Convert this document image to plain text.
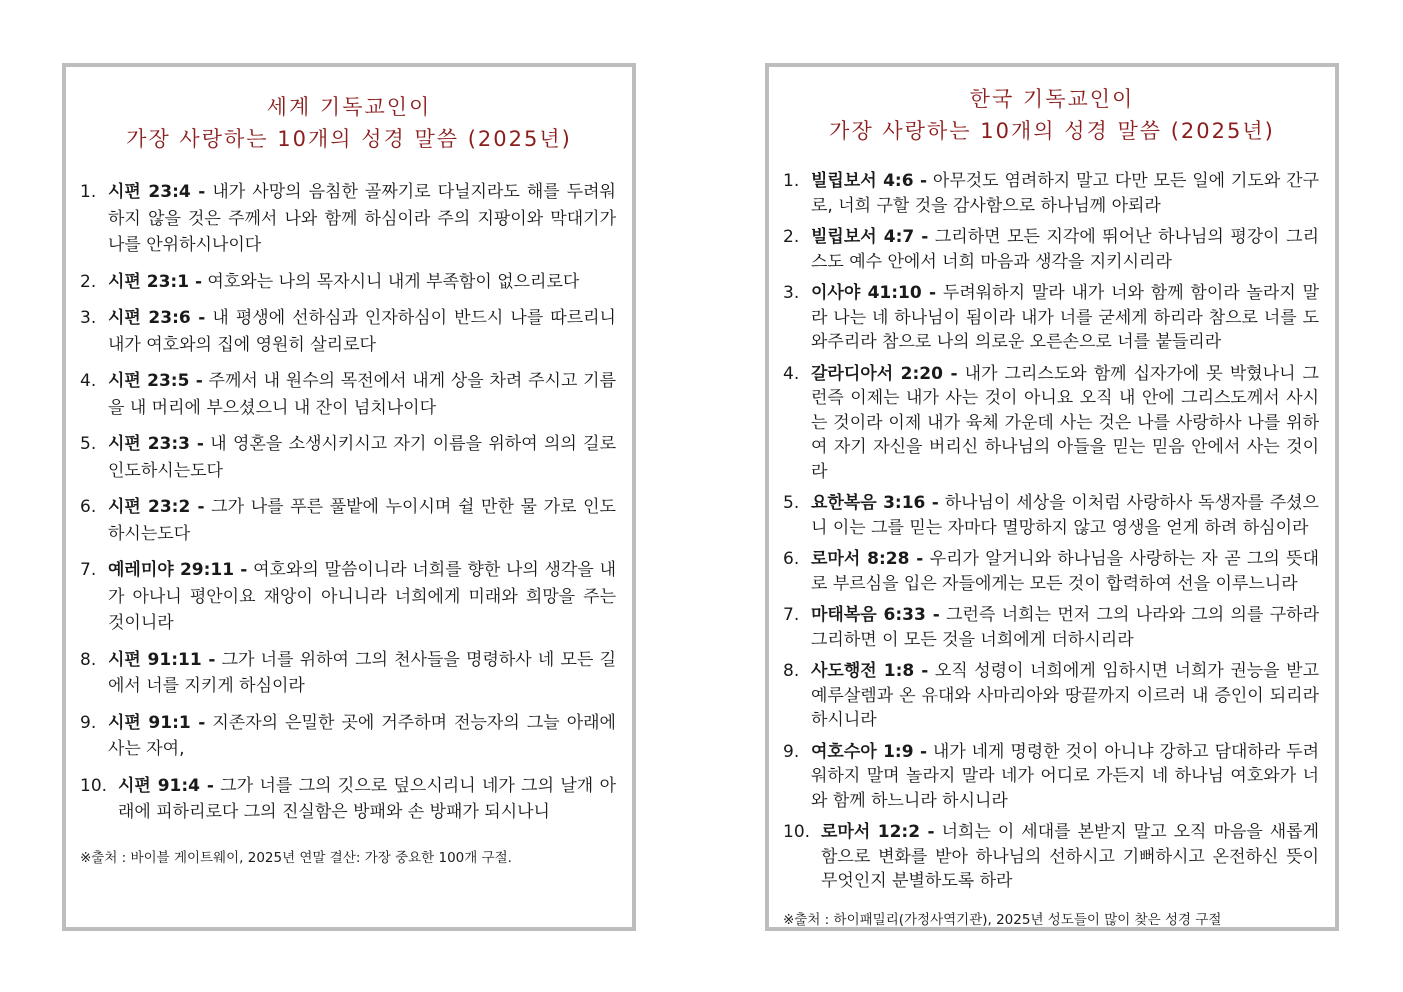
세계 기독교인이
가장 사랑하는 10개의 성경 말씀 (2025년)
1. 시편 23:4 - 내가 사망의 음침한 골짜기로 다닐지라도 해를 두려워하지 않을 것은 주께서 나와 함께 하심이라 주의 지팡이와 막대기가 나를 안위하시나이다
2. 시편 23:1 - 여호와는 나의 목자시니 내게 부족함이 없으리로다
3. 시편 23:6 - 내 평생에 선하심과 인자하심이 반드시 나를 따르리니 내가 여호와의 집에 영원히 살리로다
4. 시편 23:5 - 주께서 내 원수의 목전에서 내게 상을 차려 주시고 기름을 내 머리에 부으셨으니 내 잔이 넘치나이다
5. 시편 23:3 - 내 영혼을 소생시키시고 자기 이름을 위하여 의의 길로 인도하시는도다
6. 시편 23:2 - 그가 나를 푸른 풀밭에 누이시며 쉴 만한 물 가로 인도하시는도다
7. 예레미야 29:11 - 여호와의 말씀이니라 너희를 향한 나의 생각을 내가 아나니 평안이요 재앙이 아니니라 너희에게 미래와 희망을 주는 것이니라
8. 시편 91:11 - 그가 너를 위하여 그의 천사들을 명령하사 네 모든 길에서 너를 지키게 하심이라
9. 시편 91:1 - 지존자의 은밀한 곳에 거주하며 전능자의 그늘 아래에 사는 자여,
10. 시편 91:4 - 그가 너를 그의 깃으로 덮으시리니 네가 그의 날개 아래에 피하리로다 그의 진실함은 방패와 손 방패가 되시나니
※출처 : 바이블 게이트웨이, 2025년 연말 결산: 가장 중요한 100개 구절.
한국 기독교인이
가장 사랑하는 10개의 성경 말씀 (2025년)
1. 빌립보서 4:6 - 아무것도 염려하지 말고 다만 모든 일에 기도와 간구로, 너희 구할 것을 감사함으로 하나님께 아뢰라
2. 빌립보서 4:7 - 그리하면 모든 지각에 뛰어난 하나님의 평강이 그리스도 예수 안에서 너희 마음과 생각을 지키시리라
3. 이사야 41:10 - 두려워하지 말라 내가 너와 함께 함이라 놀라지 말라 나는 네 하나님이 됨이라 내가 너를 굳세게 하리라 참으로 너를 도와주리라 참으로 나의 의로운 오른손으로 너를 붙들리라
4. 갈라디아서 2:20 - 내가 그리스도와 함께 십자가에 못 박혔나니 그런즉 이제는 내가 사는 것이 아니요 오직 내 안에 그리스도께서 사시는 것이라 이제 내가 육체 가운데 사는 것은 나를 사랑하사 나를 위하여 자기 자신을 버리신 하나님의 아들을 믿는 믿음 안에서 사는 것이라
5. 요한복음 3:16 - 하나님이 세상을 이처럼 사랑하사 독생자를 주셨으니 이는 그를 믿는 자마다 멸망하지 않고 영생을 얻게 하려 하심이라
6. 로마서 8:28 - 우리가 알거니와 하나님을 사랑하는 자 곧 그의 뜻대로 부르심을 입은 자들에게는 모든 것이 합력하여 선을 이루느니라
7. 마태복음 6:33 - 그런즉 너희는 먼저 그의 나라와 그의 의를 구하라 그리하면 이 모든 것을 너희에게 더하시리라
8. 사도행전 1:8 - 오직 성령이 너희에게 임하시면 너희가 권능을 받고 예루살렘과 온 유대와 사마리아와 땅끝까지 이르러 내 증인이 되리라 하시니라
9. 여호수아 1:9 - 내가 네게 명령한 것이 아니냐 강하고 담대하라 두려워하지 말며 놀라지 말라 네가 어디로 가든지 네 하나님 여호와가 너와 함께 하느니라 하시니라
10. 로마서 12:2 - 너희는 이 세대를 본받지 말고 오직 마음을 새롭게 함으로 변화를 받아 하나님의 선하시고 기뻐하시고 온전하신 뜻이 무엇인지 분별하도록 하라
※출처 : 하이패밀리(가정사역기관), 2025년 성도들이 많이 찾은 성경 구절
